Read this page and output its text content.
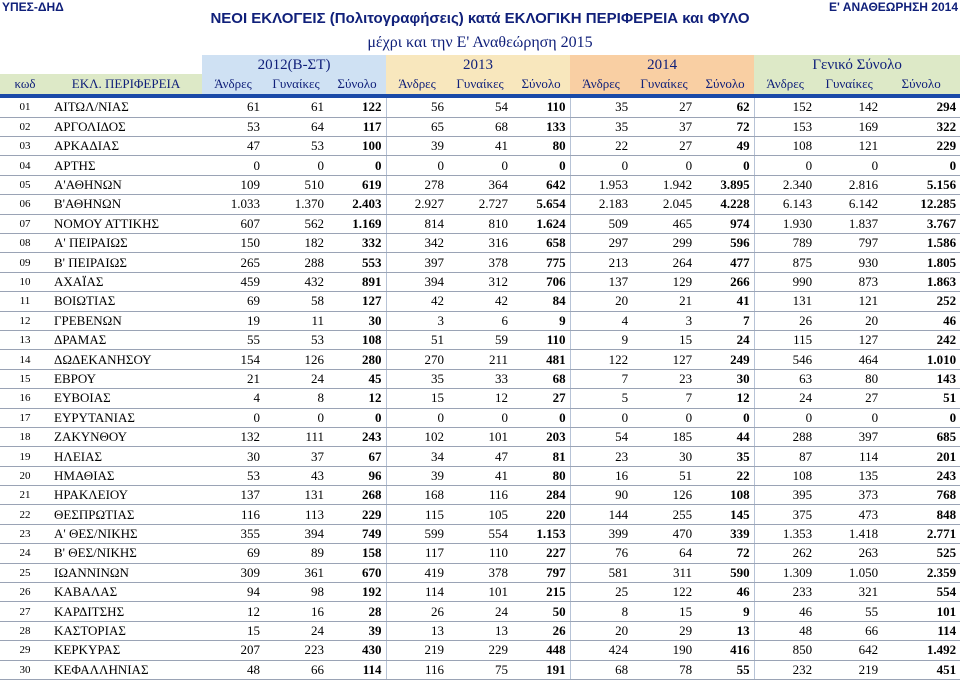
ΥΠΕΣ-ΔΗΔ	Ε' ΑΝΑΘΕΩΡΗΣΗ 2014
ΝΕΟΙ ΕΚΛΟΓΕΙΣ (Πολιτογραφήσεις) κατά ΕΚΛΟΓΙΚΗ ΠΕΡΙΦΕΡΕΙΑ και ΦΥΛΟ
μέχρι και την Ε' Αναθεώρηση 2015
		2012(Β-ΣΤ)			2013			2014			Γενικό Σύνολο		
κωδ	ΕΚΛ. ΠΕΡΙΦΕΡΕΙΑ	Άνδρες	Γυναίκες	Σύνολο	Άνδρες	Γυναίκες	Σύνολο	Άνδρες	Γυναίκες	Σύνολο	Άνδρες	Γυναίκες	Σύνολο

01	ΑΙΤΩΛ/ΝΙΑΣ	61	61	122	56	54	110	35	27	62	152	142	294
02	ΑΡΓΟΛΙΔΟΣ	53	64	117	65	68	133	35	37	72	153	169	322
03	ΑΡΚΑΔΙΑΣ	47	53	100	39	41	80	22	27	49	108	121	229
04	ΑΡΤΗΣ	0	0	0	0	0	0	0	0	0	0	0	0
05	Α'ΑΘΗΝΩΝ	109	510	619	278	364	642	1.953	1.942	3.895	2.340	2.816	5.156
06	Β'ΑΘΗΝΩΝ	1.033	1.370	2.403	2.927	2.727	5.654	2.183	2.045	4.228	6.143	6.142	12.285
07	ΝΟΜΟΥ ΑΤΤΙΚΗΣ	607	562	1.169	814	810	1.624	509	465	974	1.930	1.837	3.767
08	Α' ΠΕΙΡΑΙΩΣ	150	182	332	342	316	658	297	299	596	789	797	1.586
09	Β' ΠΕΙΡΑΙΩΣ	265	288	553	397	378	775	213	264	477	875	930	1.805
10	ΑΧΑΪΑΣ	459	432	891	394	312	706	137	129	266	990	873	1.863
11	ΒΟΙΩΤΙΑΣ	69	58	127	42	42	84	20	21	41	131	121	252
12	ΓΡΕΒΕΝΩΝ	19	11	30	3	6	9	4	3	7	26	20	46
13	ΔΡΑΜΑΣ	55	53	108	51	59	110	9	15	24	115	127	242
14	ΔΩΔΕΚΑΝΗΣΟΥ	154	126	280	270	211	481	122	127	249	546	464	1.010
15	ΕΒΡΟΥ	21	24	45	35	33	68	7	23	30	63	80	143
16	ΕΥΒΟΙΑΣ	4	8	12	15	12	27	5	7	12	24	27	51
17	ΕΥΡΥΤΑΝΙΑΣ	0	0	0	0	0	0	0	0	0	0	0	0
18	ΖΑΚΥΝΘΟΥ	132	111	243	102	101	203	54	185	44	288	397	685
19	ΗΛΕΙΑΣ	30	37	67	34	47	81	23	30	35	87	114	201
20	ΗΜΑΘΙΑΣ	53	43	96	39	41	80	16	51	22	108	135	243
21	ΗΡΑΚΛΕΙΟΥ	137	131	268	168	116	284	90	126	108	395	373	768
22	ΘΕΣΠΡΩΤΙΑΣ	116	113	229	115	105	220	144	255	145	375	473	848
23	Α' ΘΕΣ/ΝΙΚΗΣ	355	394	749	599	554	1.153	399	470	339	1.353	1.418	2.771
24	Β' ΘΕΣ/ΝΙΚΗΣ	69	89	158	117	110	227	76	64	72	262	263	525
25	ΙΩΑΝΝΙΝΩΝ	309	361	670	419	378	797	581	311	590	1.309	1.050	2.359
26	ΚΑΒΑΛΑΣ	94	98	192	114	101	215	25	122	46	233	321	554
27	ΚΑΡΔΙΤΣΗΣ	12	16	28	26	24	50	8	15	9	46	55	101
28	ΚΑΣΤΟΡΙΑΣ	15	24	39	13	13	26	20	29	13	48	66	114
29	ΚΕΡΚΥΡΑΣ	207	223	430	219	229	448	424	190	416	850	642	1.492
30	ΚΕΦΑΛΛΗΝΙΑΣ	48	66	114	116	75	191	68	78	55	232	219	451
